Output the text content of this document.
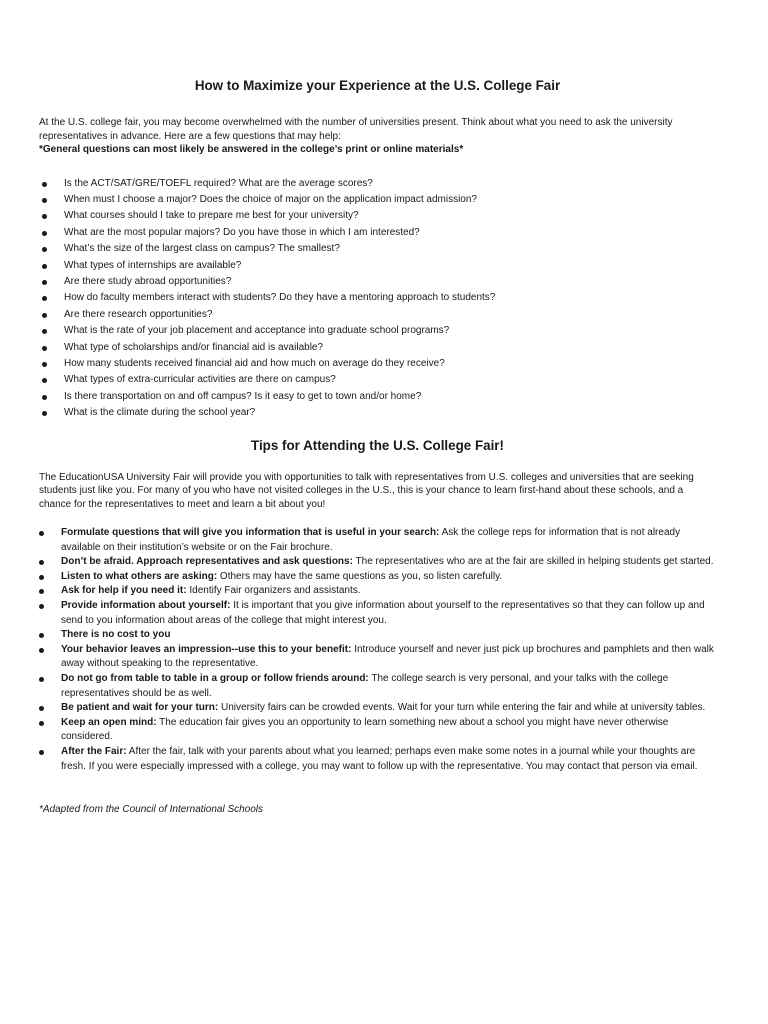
How to Maximize your Experience at the U.S. College Fair

At the U.S. college fair, you may become overwhelmed with the number of universities present. Think about what you need to ask the university representatives in advance. Here are a few questions that may help:

*General questions can most likely be answered in the college’s print or online materials*

Is the ACT/SAT/GRE/TOEFL required? What are the average scores?
When must I choose a major? Does the choice of major on the application impact admission?
What courses should I take to prepare me best for your university?
What are the most popular majors? Do you have those in which I am interested?
What’s the size of the largest class on campus? The smallest?
What types of internships are available?
Are there study abroad opportunities?
How do faculty members interact with students? Do they have a mentoring approach to students?
Are there research opportunities?
What is the rate of your job placement and acceptance into graduate school programs?
What type of scholarships and/or financial aid is available?
How many students received financial aid and how much on average do they receive?
What types of extra-curricular activities are there on campus?
Is there transportation on and off campus? Is it easy to get to town and/or home?
What is the climate during the school year?
Tips for Attending the U.S. College Fair!

The EducationUSA University Fair will provide you with opportunities to talk with representatives from U.S. colleges and universities that are seeking students just like you. For many of you who have not visited colleges in the U.S., this is your chance to learn first-hand about these schools, and a chance for the representatives to meet and learn a bit about you!

Formulate questions that will give you information that is useful in your search: Ask the college reps for information that is not already available on their institution’s website or on the Fair brochure.
Don’t be afraid. Approach representatives and ask questions: The representatives who are at the fair are skilled in helping students get started.
Listen to what others are asking: Others may have the same questions as you, so listen carefully.
Ask for help if you need it: Identify Fair organizers and assistants.
Provide information about yourself: It is important that you give information about yourself to the representatives so that they can follow up and send to you information about areas of the college that might interest you.
There is no cost to you
Your behavior leaves an impression--use this to your benefit: Introduce yourself and never just pick up brochures and pamphlets and then walk away without speaking to the representative.
Do not go from table to table in a group or follow friends around: The college search is very personal, and your talks with the college representatives should be as well.
Be patient and wait for your turn: University fairs can be crowded events. Wait for your turn while entering the fair and while at university tables.
Keep an open mind: The education fair gives you an opportunity to learn something new about a school you might have never otherwise considered.
After the Fair: After the fair, talk with your parents about what you learned; perhaps even make some notes in a journal while your thoughts are fresh. If you were especially impressed with a college, you may want to follow up with the representative. You may contact that person via email.
*Adapted from the Council of International Schools
